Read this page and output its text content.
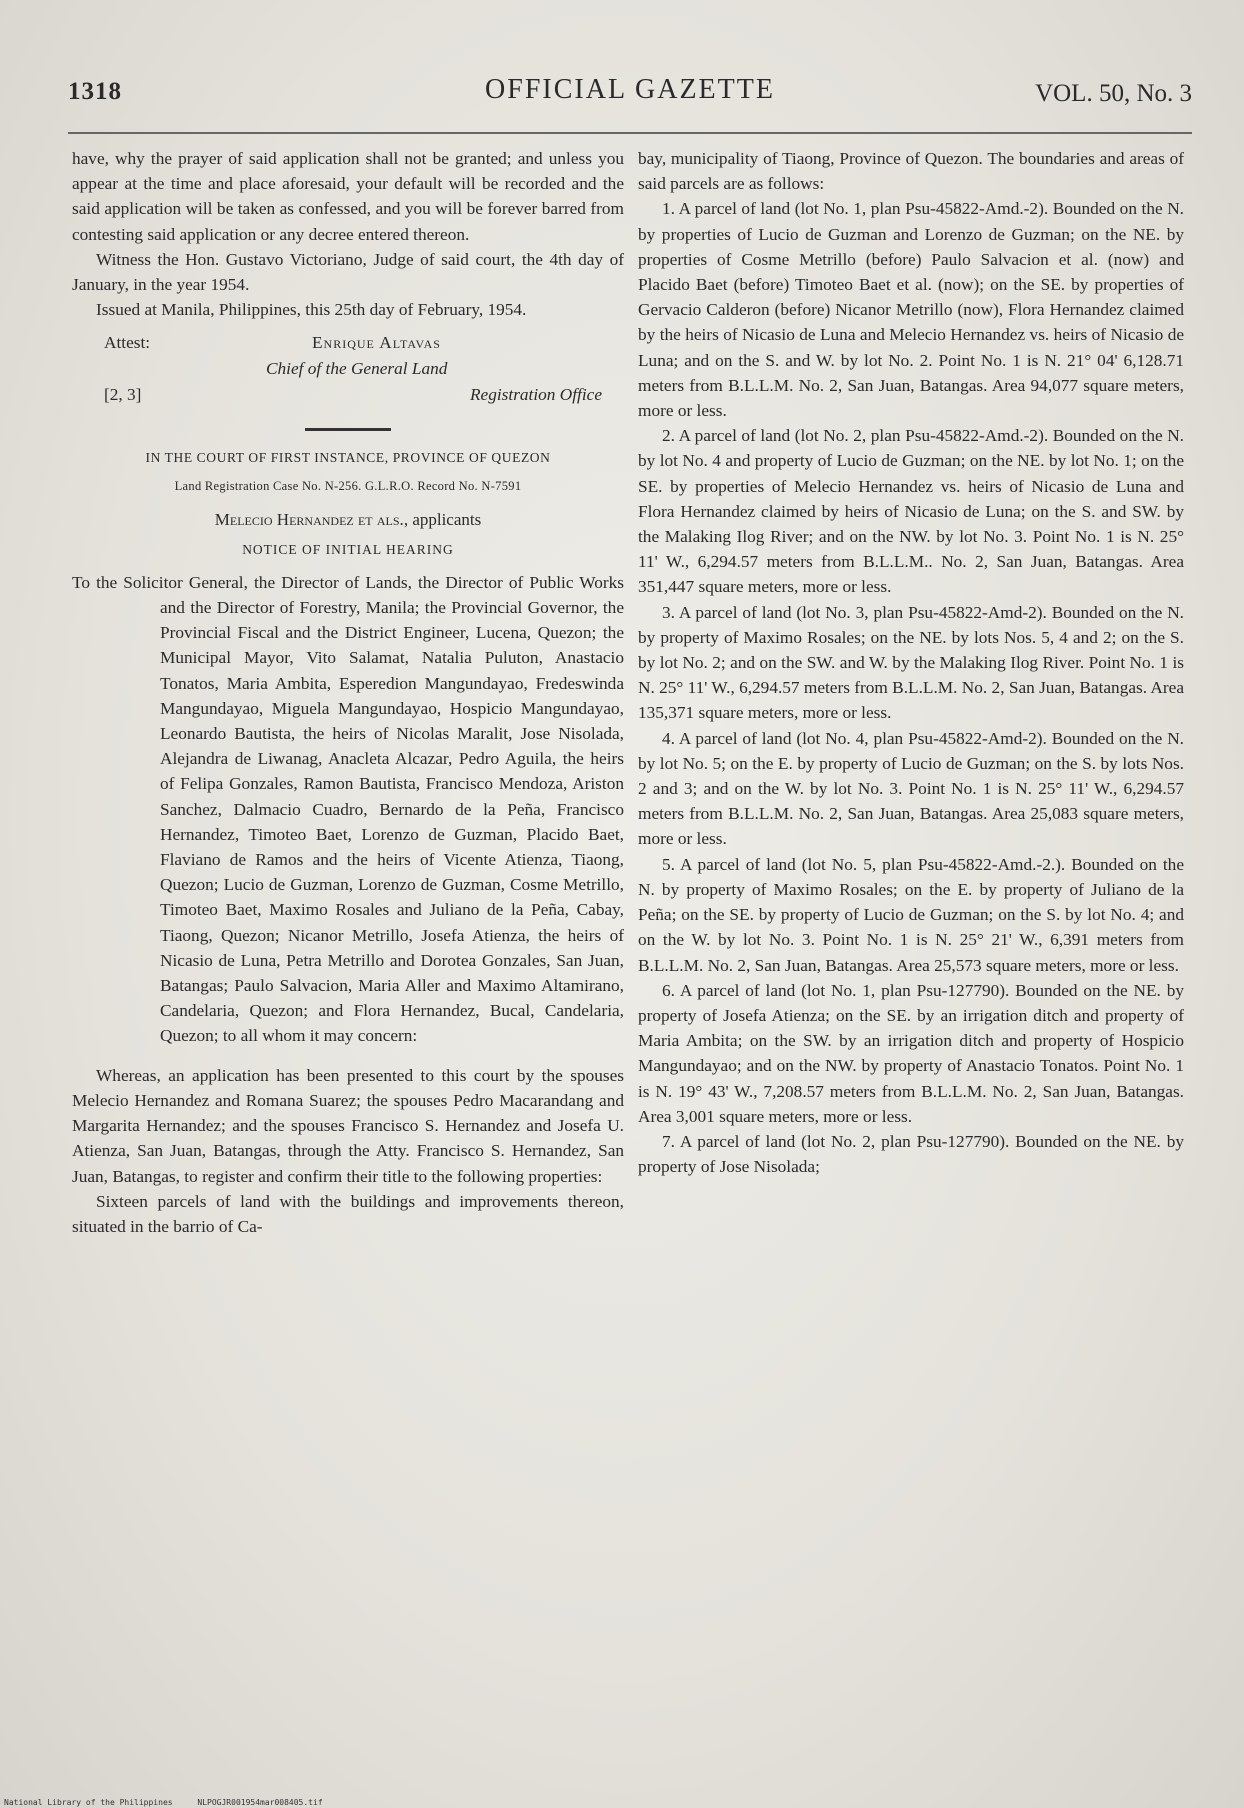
1318	OFFICIAL GAZETTE	VOL. 50, No. 3

have, why the prayer of said application shall not be granted; and unless you appear at the time and place aforesaid, your default will be recorded and the said application will be taken as confessed, and you will be forever barred from contesting said application or any decree entered thereon.

Witness the Hon. Gustavo Victoriano, Judge of said court, the 4th day of January, in the year 1954.

Issued at Manila, Philippines, this 25th day of February, 1954.

Attest:	Enrique Altavas
Chief of the General Land
[2, 3]	Registration Office
IN THE COURT OF FIRST INSTANCE, PROVINCE OF QUEZON
Land Registration Case No. N-256. G.L.R.O. Record No. N-7591
Melecio Hernandez et als., applicants
NOTICE OF INITIAL HEARING

To the Solicitor General, the Director of Lands, the Director of Public Works and the Director of Forestry, Manila; the Provincial Governor, the Provincial Fiscal and the District Engineer, Lucena, Quezon; the Municipal Mayor, Vito Salamat, Natalia Puluton, Anastacio Tonatos, Maria Ambita, Esperedion Mangundayao, Fredeswinda Mangundayao, Miguela Mangundayao, Hospicio Mangundayao, Leonardo Bautista, the heirs of Nicolas Maralit, Jose Nisolada, Alejandra de Liwanag, Anacleta Alcazar, Pedro Aguila, the heirs of Felipa Gonzales, Ramon Bautista, Francisco Mendoza, Ariston Sanchez, Dalmacio Cuadro, Bernardo de la Peña, Francisco Hernandez, Timoteo Baet, Lorenzo de Guzman, Placido Baet, Flaviano de Ramos and the heirs of Vicente Atienza, Tiaong, Quezon; Lucio de Guzman, Lorenzo de Guzman, Cosme Metrillo, Timoteo Baet, Maximo Rosales and Juliano de la Peña, Cabay, Tiaong, Quezon; Nicanor Metrillo, Josefa Atienza, the heirs of Nicasio de Luna, Petra Metrillo and Dorotea Gonzales, San Juan, Batangas; Paulo Salvacion, Maria Aller and Maximo Altamirano, Candelaria, Quezon; and Flora Hernandez, Bucal, Candelaria, Quezon; to all whom it may concern:

Whereas, an application has been presented to this court by the spouses Melecio Hernandez and Romana Suarez; the spouses Pedro Macarandang and Margarita Hernandez; and the spouses Francisco S. Hernandez and Josefa U. Atienza, San Juan, Batangas, through the Atty. Francisco S. Hernandez, San Juan, Batangas, to register and confirm their title to the following properties:

Sixteen parcels of land with the buildings and improvements thereon, situated in the barrio of Ca-

bay, municipality of Tiaong, Province of Quezon. The boundaries and areas of said parcels are as follows:

1. A parcel of land (lot No. 1, plan Psu-45822-Amd.-2). Bounded on the N. by properties of Lucio de Guzman and Lorenzo de Guzman; on the NE. by properties of Cosme Metrillo (before) Paulo Salvacion et al. (now) and Placido Baet (before) Timoteo Baet et al. (now); on the SE. by properties of Gervacio Calderon (before) Nicanor Metrillo (now), Flora Hernandez claimed by the heirs of Nicasio de Luna and Melecio Hernandez vs. heirs of Nicasio de Luna; and on the S. and W. by lot No. 2. Point No. 1 is N. 21° 04' 6,128.71 meters from B.L.L.M. No. 2, San Juan, Batangas. Area 94,077 square meters, more or less.

2. A parcel of land (lot No. 2, plan Psu-45822-Amd.-2). Bounded on the N. by lot No. 4 and property of Lucio de Guzman; on the NE. by lot No. 1; on the SE. by properties of Melecio Hernandez vs. heirs of Nicasio de Luna and Flora Hernandez claimed by heirs of Nicasio de Luna; on the S. and SW. by the Malaking Ilog River; and on the NW. by lot No. 3. Point No. 1 is N. 25° 11' W., 6,294.57 meters from B.L.L.M.. No. 2, San Juan, Batangas. Area 351,447 square meters, more or less.

3. A parcel of land (lot No. 3, plan Psu-45822-Amd-2). Bounded on the N. by property of Maximo Rosales; on the NE. by lots Nos. 5, 4 and 2; on the S. by lot No. 2; and on the SW. and W. by the Malaking Ilog River. Point No. 1 is N. 25° 11' W., 6,294.57 meters from B.L.L.M. No. 2, San Juan, Batangas. Area 135,371 square meters, more or less.

4. A parcel of land (lot No. 4, plan Psu-45822-Amd-2). Bounded on the N. by lot No. 5; on the E. by property of Lucio de Guzman; on the S. by lots Nos. 2 and 3; and on the W. by lot No. 3. Point No. 1 is N. 25° 11' W., 6,294.57 meters from B.L.L.M. No. 2, San Juan, Batangas. Area 25,083 square meters, more or less.

5. A parcel of land (lot No. 5, plan Psu-45822-Amd.-2.). Bounded on the N. by property of Maximo Rosales; on the E. by property of Juliano de la Peña; on the SE. by property of Lucio de Guzman; on the S. by lot No. 4; and on the W. by lot No. 3. Point No. 1 is N. 25° 21' W., 6,391 meters from B.L.L.M. No. 2, San Juan, Batangas. Area 25,573 square meters, more or less.

6. A parcel of land (lot No. 1, plan Psu-127790). Bounded on the NE. by property of Josefa Atienza; on the SE. by an irrigation ditch and property of Maria Ambita; on the SW. by an irrigation ditch and property of Hospicio Mangundayao; and on the NW. by property of Anastacio Tonatos. Point No. 1 is N. 19° 43' W., 7,208.57 meters from B.L.L.M. No. 2, San Juan, Batangas. Area 3,001 square meters, more or less.

7. A parcel of land (lot No. 2, plan Psu-127790). Bounded on the NE. by property of Jose Nisolada;

National Library of the Philippines	NLPOGJR001954mar008405.tif
